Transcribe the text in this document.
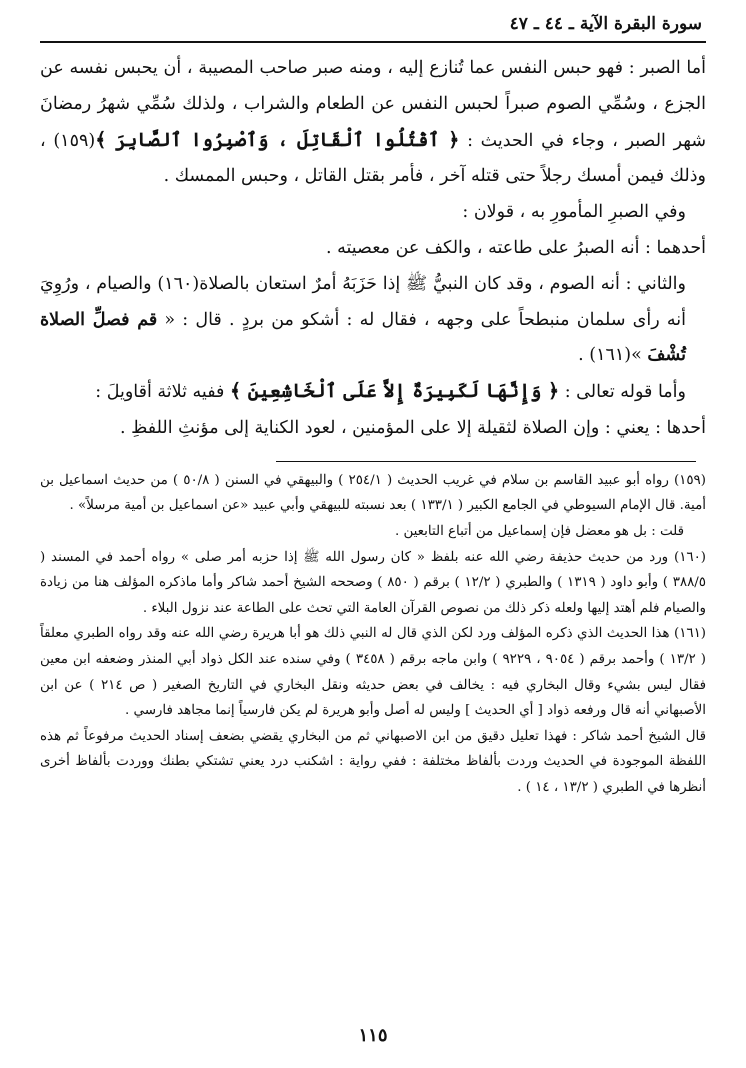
سورة البقرة الآية ـ ٤٤ ـ ٤٧

أما الصبر : فهو حبس النفس عما تُنازع إليه ، ومنه صبر صاحب المصيبة ، أن يحبس نفسه عن الجزع ، وسُمِّي الصوم صبراً لحبس النفس عن الطعام والشراب ، ولذلك سُمِّي شهرُ رمضانَ شهر الصبر ، وجاء في الحديث : ﴿ ٱقْتُلُوا ٱلْقَاتِلَ ، وَٱصْبِرُوا ٱلصَّابِرَ ﴾(١٥٩) ، وذلك فيمن أمسك رجلاً حتى قتله آخر ، فأمر بقتل القاتل ، وحبس الممسك .

وفي الصبرِ المأمورِ به ، قولان :

أحدهما : أنه الصبرُ على طاعته ، والكف عن معصيته .

والثاني : أنه الصوم ، وقد كان النبيُّ ﷺ إذا حَزَبَهُ أمرٌ استعان بالصلاة(١٦٠) والصيام ، ورُوِيَ أنه رأى سلمان منبطحاً على وجهه ، فقال له : أشكو من بردٍ . قال : « قم فصلِّ الصلاة تُشْفَ »(١٦١) .

وأما قوله تعالى : ﴿ وَإِنَّهَا لَكَبِيرَةٌ إِلاَّ عَلَى ٱلْخَاشِعِينَ ﴾ ففيه ثلاثة أقاويلَ :

أحدها : يعني : وإن الصلاة لثقيلة إلا على المؤمنين ، لعود الكناية إلى مؤنثِ اللفظِ .

(١٥٩) رواه أبو عبيد القاسم بن سلام في غريب الحديث ( ٢٥٤/١ ) والبيهقي في السنن ( ٥٠/٨ ) من حديث اسماعيل بن أمية. قال الإمام السيوطي في الجامع الكبير ( ١٣٣/١ ) بعد نسبته للبيهقي وأبي عبيد «عن اسماعيل بن أمية مرسلاً» .

قلت : بل هو معضل فإن إسماعيل من أتباع التابعين .

(١٦٠) ورد من حديث حذيفة رضي الله عنه بلفظ « كان رسول الله ﷺ إذا حزبه أمر صلى » رواه أحمد في المسند ( ٣٨٨/٥ ) وأبو داود ( ١٣١٩ ) والطبري ( ١٢/٢ ) برقم ( ٨٥٠ ) وصححه الشيخ أحمد شاكر وأما ماذكره المؤلف هنا من زيادة والصيام فلم أهتد إليها ولعله ذكر ذلك من نصوص القرآن العامة التي تحث على الطاعة عند نزول البلاء .

(١٦١) هذا الحديث الذي ذكره المؤلف ورد لكن الذي قال له النبي ذلك هو أبا هريرة رضي الله عنه وقد رواه الطبري معلقاً ( ١٣/٢ ) وأحمد برقم ( ٩٠٥٤ ، ٩٢٢٩ ) وابن ماجه برقم ( ٣٤٥٨ ) وفي سنده عند الكل ذواد أبي المنذر وضعفه ابن معين فقال ليس بشيء وقال البخاري فيه : يخالف في بعض حديثه ونقل البخاري في التاريخ الصغير ( ص ٢١٤ ) عن ابن الأصبهاني أنه قال ورفعه ذواد [ أي الحديث ] وليس له أصل وأبو هريرة لم يكن فارسياً إنما مجاهد فارسي .

قال الشيخ أحمد شاكر : فهذا تعليل دقيق من ابن الاصبهاني ثم من البخاري يقضي بضعف إسناد الحديث مرفوعاً ثم هذه اللفظة الموجودة في الحديث وردت بألفاظ مختلفة : ففي رواية : اشكنب درد يعني تشتكي بطنك ووردت بألفاظ أخرى أنظرها في الطبري ( ١٣/٢ ، ١٤ ) .

١١٥
